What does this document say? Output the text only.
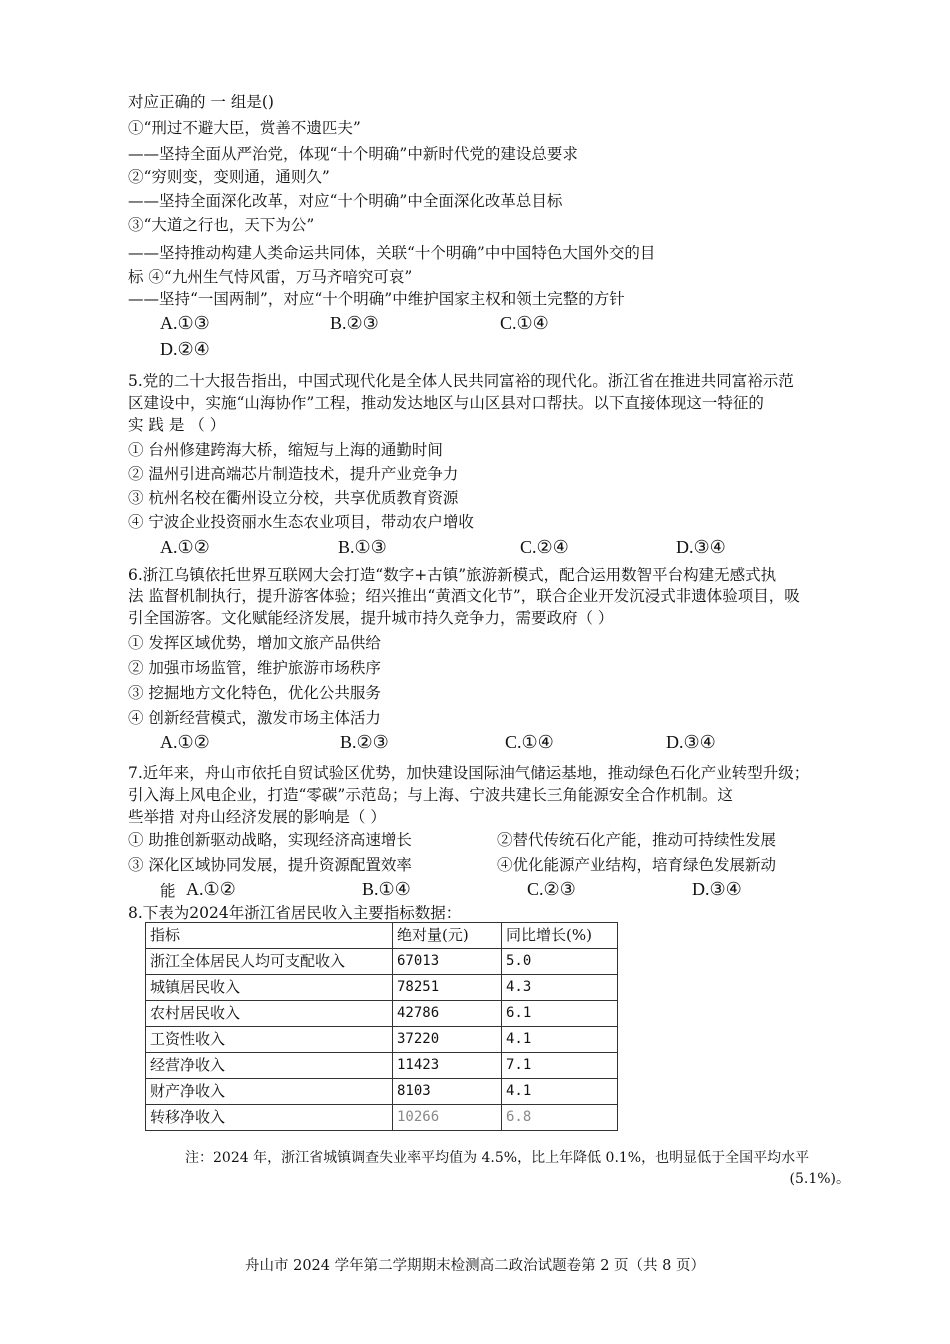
对应正确的 一 组是()
①“刑过不避大臣，赏善不遗匹夫”
——坚持全面从严治党，体现“十个明确”中新时代党的建设总要求
②“穷则变，变则通，通则久”
——坚持全面深化改革，对应“十个明确”中全面深化改革总目标
③“大道之行也，天下为公”
——坚持推动构建人类命运共同体，关联“十个明确”中中国特色大国外交的目
标 ④“九州生气恃风雷，万马齐喑究可哀”
——坚持“一国两制”，对应“十个明确”中维护国家主权和领土完整的方针
A.①③	B.②③	C.①④
D.②④
5.党的二十大报告指出，中国式现代化是全体人民共同富裕的现代化。浙江省在推进共同富裕示范
区建设中，实施“山海协作”工程，推动发达地区与山区县对口帮扶。以下直接体现这一特征的
实 践 是 （ ）
① 台州修建跨海大桥，缩短与上海的通勤时间
② 温州引进高端芯片制造技术，提升产业竞争力
③ 杭州名校在衢州设立分校，共享优质教育资源
④ 宁波企业投资丽水生态农业项目，带动农户增收
A.①②	B.①③	C.②④	D.③④
6.浙江乌镇依托世界互联网大会打造“数字+古镇”旅游新模式，配合运用数智平台构建无感式执
法 监督机制执行，提升游客体验；绍兴推出“黄酒文化节”，联合企业开发沉浸式非遗体验项目，吸
引全国游客。文化赋能经济发展，提升城市持久竞争力，需要政府（ ）
① 发挥区域优势，增加文旅产品供给
② 加强市场监管，维护旅游市场秩序
③ 挖掘地方文化特色，优化公共服务
④ 创新经营模式，激发市场主体活力
A.①②	B.②③	C.①④	D.③④
7.近年来，舟山市依托自贸试验区优势，加快建设国际油气储运基地，推动绿色石化产业转型升级；
引入海上风电企业，打造“零碳”示范岛；与上海、宁波共建长三角能源安全合作机制。这
些举措 对舟山经济发展的影响是（ ）
① 助推创新驱动战略，实现经济高速增长	②替代传统石化产能，推动可持续性发展
③ 深化区域协同发展，提升资源配置效率	④优化能源产业结构，培育绿色发展新动
能 A.①②	B.①④	C.②③	D.③④
8.下表为2024年浙江省居民收入主要指标数据：
指标	绝对量(元)	同比增长(%)
浙江全体居民人均可支配收入	67013	5.0
城镇居民收入	78251	4.3
农村居民收入	42786	6.1
工资性收入	37220	4.1
经营净收入	11423	7.1
财产净收入	8103	4.1
转移净收入	10266	6.8
注：2024 年，浙江省城镇调查失业率平均值为 4.5%，比上年降低 0.1%，也明显低于全国平均水平
(5.1%)。
舟山市 2024 学年第二学期期末检测高二政治试题卷第 2 页（共 8 页）
